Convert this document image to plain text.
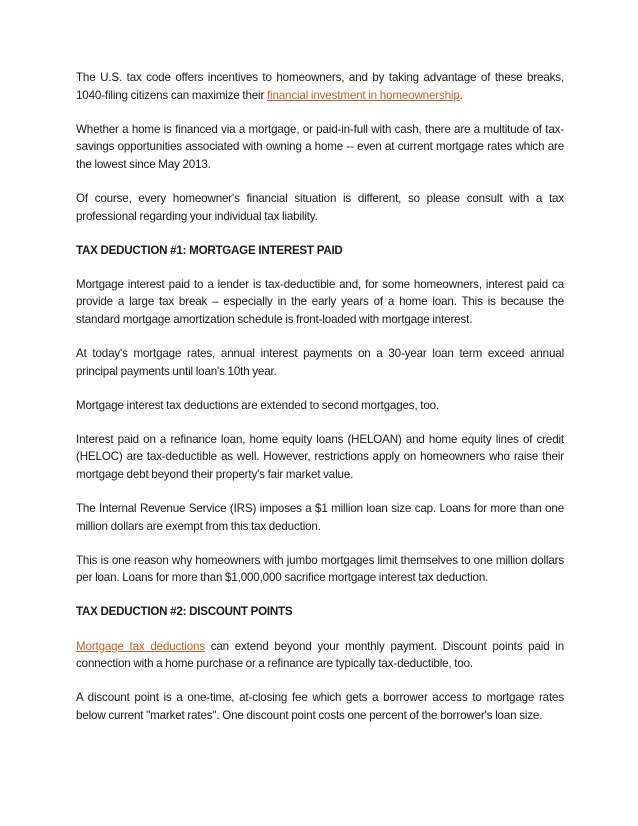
The U.S. tax code offers incentives to homeowners, and by taking advantage of these breaks, 1040-filing citizens can maximize their financial investment in homeownership.

Whether a home is financed via a mortgage, or paid-in-full with cash, there are a multitude of tax-savings opportunities associated with owning a home -- even at current mortgage rates which are the lowest since May 2013.

Of course, every homeowner's financial situation is different, so please consult with a tax professional regarding your individual tax liability.

TAX DEDUCTION #1: MORTGAGE INTEREST PAID

Mortgage interest paid to a lender is tax-deductible and, for some homeowners, interest paid ca provide a large tax break – especially in the early years of a home loan. This is because the standard mortgage amortization schedule is front-loaded with mortgage interest.

At today's mortgage rates, annual interest payments on a 30-year loan term exceed annual principal payments until loan's 10th year.

Mortgage interest tax deductions are extended to second mortgages, too.

Interest paid on a refinance loan, home equity loans (HELOAN) and home equity lines of credit (HELOC) are tax-deductible as well. However, restrictions apply on homeowners who raise their mortgage debt beyond their property's fair market value.

The Internal Revenue Service (IRS) imposes a $1 million loan size cap. Loans for more than one million dollars are exempt from this tax deduction.

This is one reason why homeowners with jumbo mortgages limit themselves to one million dollars per loan. Loans for more than $1,000,000 sacrifice mortgage interest tax deduction.

TAX DEDUCTION #2: DISCOUNT POINTS

Mortgage tax deductions can extend beyond your monthly payment. Discount points paid in connection with a home purchase or a refinance are typically tax-deductible, too.

A discount point is a one-time, at-closing fee which gets a borrower access to mortgage rates below current "market rates". One discount point costs one percent of the borrower's loan size.
